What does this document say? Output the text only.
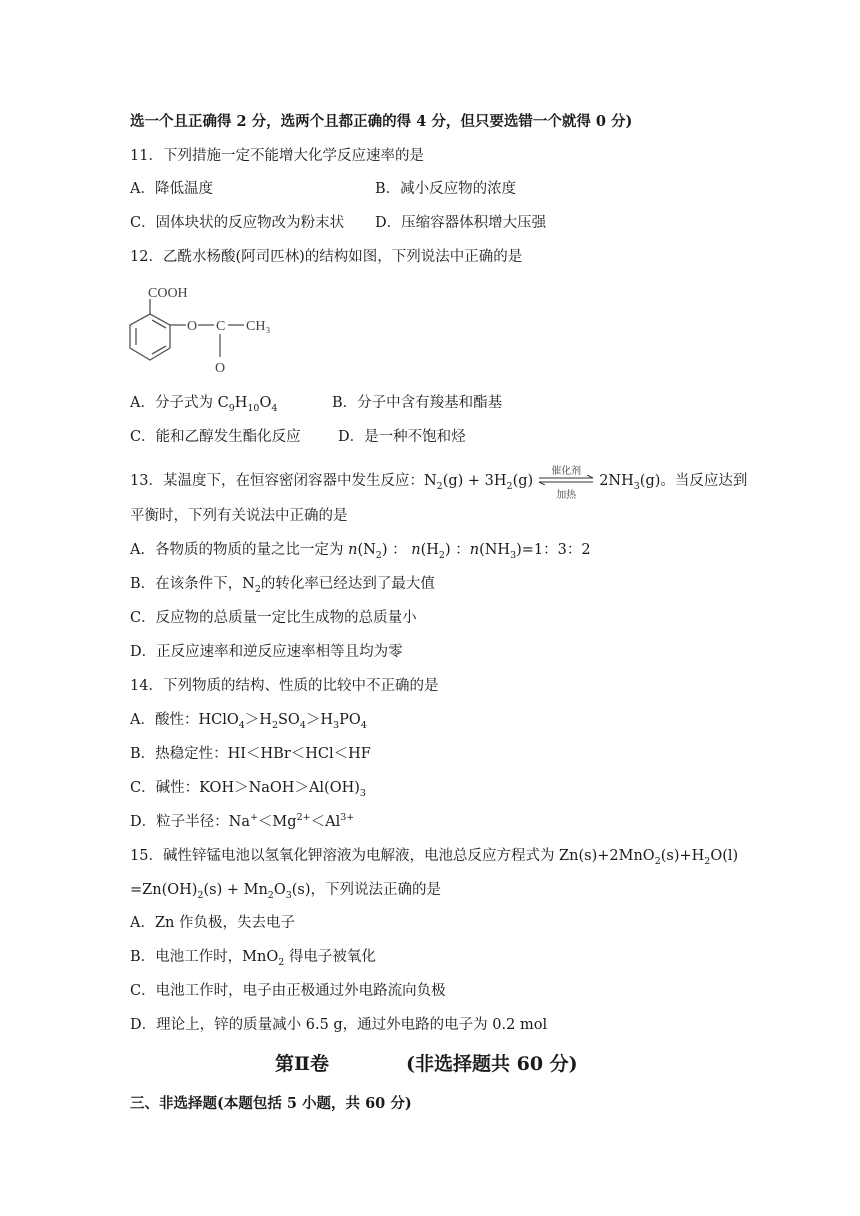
选一个且正确得 2 分，选两个且都正确的得 4 分，但只要选错一个就得 0 分)
11．下列措施一定不能增大化学反应速率的是
A．降低温度	B．减小反应物的浓度
C．固体块状的反应物改为粉末状 D．压缩容器体积增大压强
12．乙酰水杨酸(阿司匹林)的结构如图，下列说法中正确的是
COOH
O C CH₃
O
A．分子式为 $C_9H_{10}O_4$	B．分子中含有羧基和酯基
C．能和乙醇发生酯化反应	D．是一种不饱和烃
13．某温度下，在恒容密闭容器中发生反应：$N_2(g) + 3H_2(g)$
催化剂
加热
$2NH_3(g)$。当反应达到
平衡时，下列有关说法中正确的是
A．各物质的物质的量之比一定为 $n(N_2)$ ： $n(H_2)$ ：$n(NH_3)=1$：3：2
B．在该条件下，$N_2$的转化率已经达到了最大值
C．反应物的总质量一定比生成物的总质量小
D．正反应速率和逆反应速率相等且均为零
14．下列物质的结构、性质的比较中不正确的是
A．酸性：$HClO_4>H_2SO_4>H_3PO_4$
B．热稳定性：HI＜HBr＜HCl＜HF
C．碱性：$KOH>NaOH>Al(OH)_3$
D．粒子半径：$Na^+<Mg^{2+}<Al^{3+}$
15．碱性锌锰电池以氢氧化钾溶液为电解液，电池总反应方程式为 $Zn(s)+2MnO_2(s)+H_2O(l)$
$=Zn(OH)_2(s) + Mn_2O_3(s)$，下列说法正确的是
A．Zn 作负极，失去电子
B．电池工作时，MnO$_2$ 得电子被氧化
C．电池工作时，电子由正极通过外电路流向负极
D．理论上，锌的质量减小 6.5 g，通过外电路的电子为 0.2 mol
第Ⅱ卷	(非选择题共 60 分)
三、非选择题(本题包括 5 小题，共 60 分)
